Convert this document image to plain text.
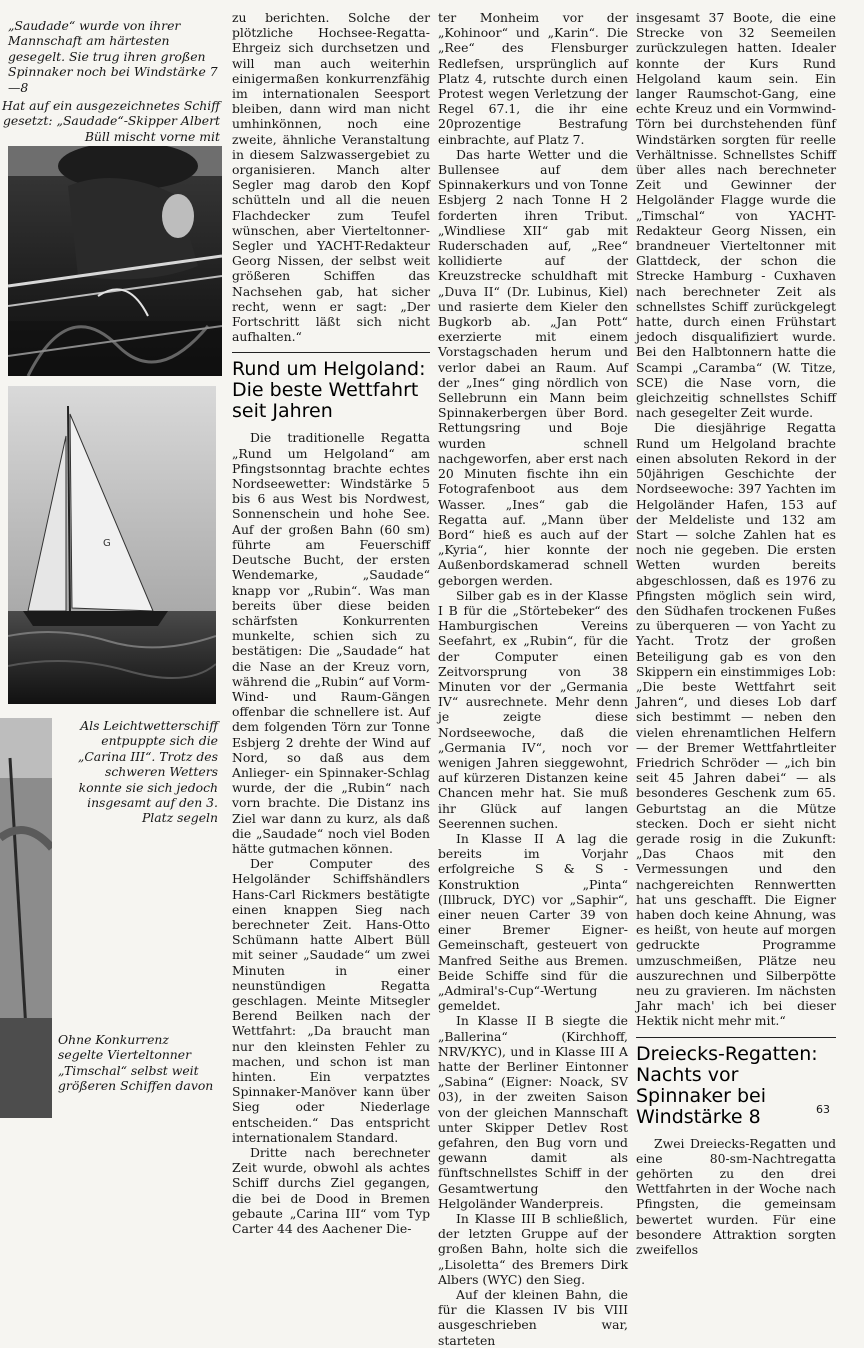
„Saudade“ wurde von ihrer Mannschaft am härtesten gesegelt. Sie trug ihren großen Spinnaker noch bei Windstärke 7—8
Hat auf ein ausgezeichnetes Schiff gesetzt: „Saudade“-Skipper Albert Büll mischt vorne mit
G
Als Leichtwetterschiff entpuppte sich die „Carina III“. Trotz des schweren Wetters konnte sie sich jedoch insgesamt auf den 3. Platz segeln
Ohne Konkurrenz segelte Vierteltonner „Timschal“ selbst weit größeren Schiffen davon

zu berichten. Solche der plötzliche Hochsee-Regatta-Ehrgeiz sich durchsetzen und will man auch weiterhin einigermaßen konkurrenzfähig im internationalen Seesport bleiben, dann wird man nicht umhinkönnen, noch eine zweite, ähnliche Veranstaltung in diesem Salzwassergebiet zu organisieren. Manch alter Segler mag darob den Kopf schütteln und all die neuen Flachdecker zum Teufel wünschen, aber Vierteltonner-Segler und YACHT-Redakteur Georg Nissen, der selbst weit größeren Schiffen das Nachsehen gab, hat sicher recht, wenn er sagt: „Der Fortschritt läßt sich nicht aufhalten.“

Rund um Helgoland: Die beste Wettfahrt seit Jahren

Die traditionelle Regatta „Rund um Helgoland“ am Pfingstsonntag brachte echtes Nordseewetter: Windstärke 5 bis 6 aus West bis Nordwest, Sonnenschein und hohe See. Auf der großen Bahn (60 sm) führte am Feuerschiff Deutsche Bucht, der ersten Wendemarke, „Saudade“ knapp vor „Rubin“. Was man bereits über diese beiden schärfsten Konkurrenten munkelte, schien sich zu bestätigen: Die „Saudade“ hat die Nase an der Kreuz vorn, während die „Rubin“ auf Vorm-Wind- und Raum-Gängen offenbar die schnellere ist. Auf dem folgenden Törn zur Tonne Esbjerg 2 drehte der Wind auf Nord, so daß aus dem Anlieger- ein Spinnaker-Schlag wurde, der die „Rubin“ nach vorn brachte. Die Distanz ins Ziel war dann zu kurz, als daß die „Saudade“ noch viel Boden hätte gutmachen können.

Der Computer des Helgoländer Schiffshändlers Hans-Carl Rickmers bestätigte einen knappen Sieg nach berechneter Zeit. Hans-Otto Schümann hatte Albert Büll mit seiner „Saudade“ um zwei Minuten in einer neunstündigen Regatta geschlagen. Meinte Mitsegler Berend Beilken nach der Wettfahrt: „Da braucht man nur den kleinsten Fehler zu machen, und schon ist man hinten. Ein verpatztes Spinnaker-Manöver kann über Sieg oder Niederlage entscheiden.“ Das entspricht internationalem Standard.

Dritte nach berechneter Zeit wurde, obwohl als achtes Schiff durchs Ziel gegangen, die bei de Dood in Bremen gebaute „Carina III“ vom Typ Carter 44 des Aachener Die-

ter Monheim vor der „Kohinoor“ und „Karin“. Die „Ree“ des Flensburger Redlefsen, ursprünglich auf Platz 4, rutschte durch einen Protest wegen Verletzung der Regel 67.1, die ihr eine 20prozentige Bestrafung einbrachte, auf Platz 7.

Das harte Wetter und die Bullensee auf dem Spinnakerkurs und von Tonne Esbjerg 2 nach Tonne H 2 forderten ihren Tribut. „Windliese XII“ gab mit Ruderschaden auf, „Ree“ kollidierte auf der Kreuzstrecke schuldhaft mit „Duva II“ (Dr. Lubinus, Kiel) und rasierte dem Kieler den Bugkorb ab. „Jan Pott“ exerzierte mit einem Vorstagschaden herum und verlor dabei an Raum. Auf der „Ines“ ging nördlich von Sellebrunn ein Mann beim Spinnakerbergen über Bord. Rettungsring und Boje wurden schnell nachgeworfen, aber erst nach 20 Minuten fischte ihn ein Fotografenboot aus dem Wasser. „Ines“ gab die Regatta auf. „Mann über Bord“ hieß es auch auf der „Kyria“, hier konnte der Außenbordskamerad schnell geborgen werden.

Silber gab es in der Klasse I B für die „Störtebeker“ des Hamburgischen Vereins Seefahrt, ex „Rubin“, für die der Computer einen Zeitvorsprung von 38 Minuten vor der „Germania IV“ ausrechnete. Mehr denn je zeigte diese Nordseewoche, daß die „Germania IV“, noch vor wenigen Jahren sieggewohnt, auf kürzeren Distanzen keine Chancen mehr hat. Sie muß ihr Glück auf langen Seerennen suchen.

In Klasse II A lag die bereits im Vorjahr erfolgreiche S & S - Konstruktion „Pinta“ (Illbruck, DYC) vor „Saphir“, einer neuen Carter 39 von einer Bremer Eigner-Gemeinschaft, gesteuert von Manfred Seithe aus Bremen. Beide Schiffe sind für die „Admiral's-Cup“-Wertung gemeldet.

In Klasse II B siegte die „Ballerina“ (Kirchhoff, NRV/KYC), und in Klasse III A hatte der Berliner Eintonner „Sabina“ (Eigner: Noack, SV 03), in der zweiten Saison von der gleichen Mannschaft unter Skipper Detlev Rost gefahren, den Bug vorn und gewann damit als fünftschnellstes Schiff in der Gesamtwertung den Helgoländer Wanderpreis.

In Klasse III B schließlich, der letzten Gruppe auf der großen Bahn, holte sich die „Lisoletta“ des Bremers Dirk Albers (WYC) den Sieg.

Auf der kleinen Bahn, die für die Klassen IV bis VIII ausgeschrieben war, starteten

insgesamt 37 Boote, die eine Strecke von 32 Seemeilen zurückzulegen hatten. Idealer konnte der Kurs Rund Helgoland kaum sein. Ein langer Raumschot-Gang, eine echte Kreuz und ein Vormwind-Törn bei durchstehenden fünf Windstärken sorgten für reelle Verhältnisse. Schnellstes Schiff über alles nach berechneter Zeit und Gewinner der Helgoländer Flagge wurde die „Timschal“ von YACHT-Redakteur Georg Nissen, ein brandneuer Vierteltonner mit Glattdeck, der schon die Strecke Hamburg - Cuxhaven nach berechneter Zeit als schnellstes Schiff zurückgelegt hatte, durch einen Frühstart jedoch disqualifiziert wurde. Bei den Halbtonnern hatte die Scampi „Caramba“ (W. Titze, SCE) die Nase vorn, die gleichzeitig schnellstes Schiff nach gesegelter Zeit wurde.

Die diesjährige Regatta Rund um Helgoland brachte einen absoluten Rekord in der 50jährigen Geschichte der Nordseewoche: 397 Yachten im Helgoländer Hafen, 153 auf der Meldeliste und 132 am Start — solche Zahlen hat es noch nie gegeben. Die ersten Wetten wurden bereits abgeschlossen, daß es 1976 zu Pfingsten möglich sein wird, den Südhafen trockenen Fußes zu überqueren — von Yacht zu Yacht. Trotz der großen Beteiligung gab es von den Skippern ein einstimmiges Lob: „Die beste Wettfahrt seit Jahren“, und dieses Lob darf sich bestimmt — neben den vielen ehrenamtlichen Helfern — der Bremer Wettfahrtleiter Friedrich Schröder — „ich bin seit 45 Jahren dabei“ — als besonderes Geschenk zum 65. Geburtstag an die Mütze stecken. Doch er sieht nicht gerade rosig in die Zukunft: „Das Chaos mit den Vermessungen und den nachgereichten Rennwertten hat uns geschafft. Die Eigner haben doch keine Ahnung, was es heißt, von heute auf morgen gedruckte Programme umzuschmeißen, Plätze neu auszurechnen und Silberpötte neu zu gravieren. Im nächsten Jahr mach' ich bei dieser Hektik nicht mehr mit.“

Dreiecks-Regatten: Nachts vor Spinnaker bei Windstärke 8

Zwei Dreiecks-Regatten und eine 80-sm-Nachtregatta gehörten zu den drei Wettfahrten in der Woche nach Pfingsten, die gemeinsam bewertet wurden. Für eine besondere Attraktion sorgten zweifellos

63
